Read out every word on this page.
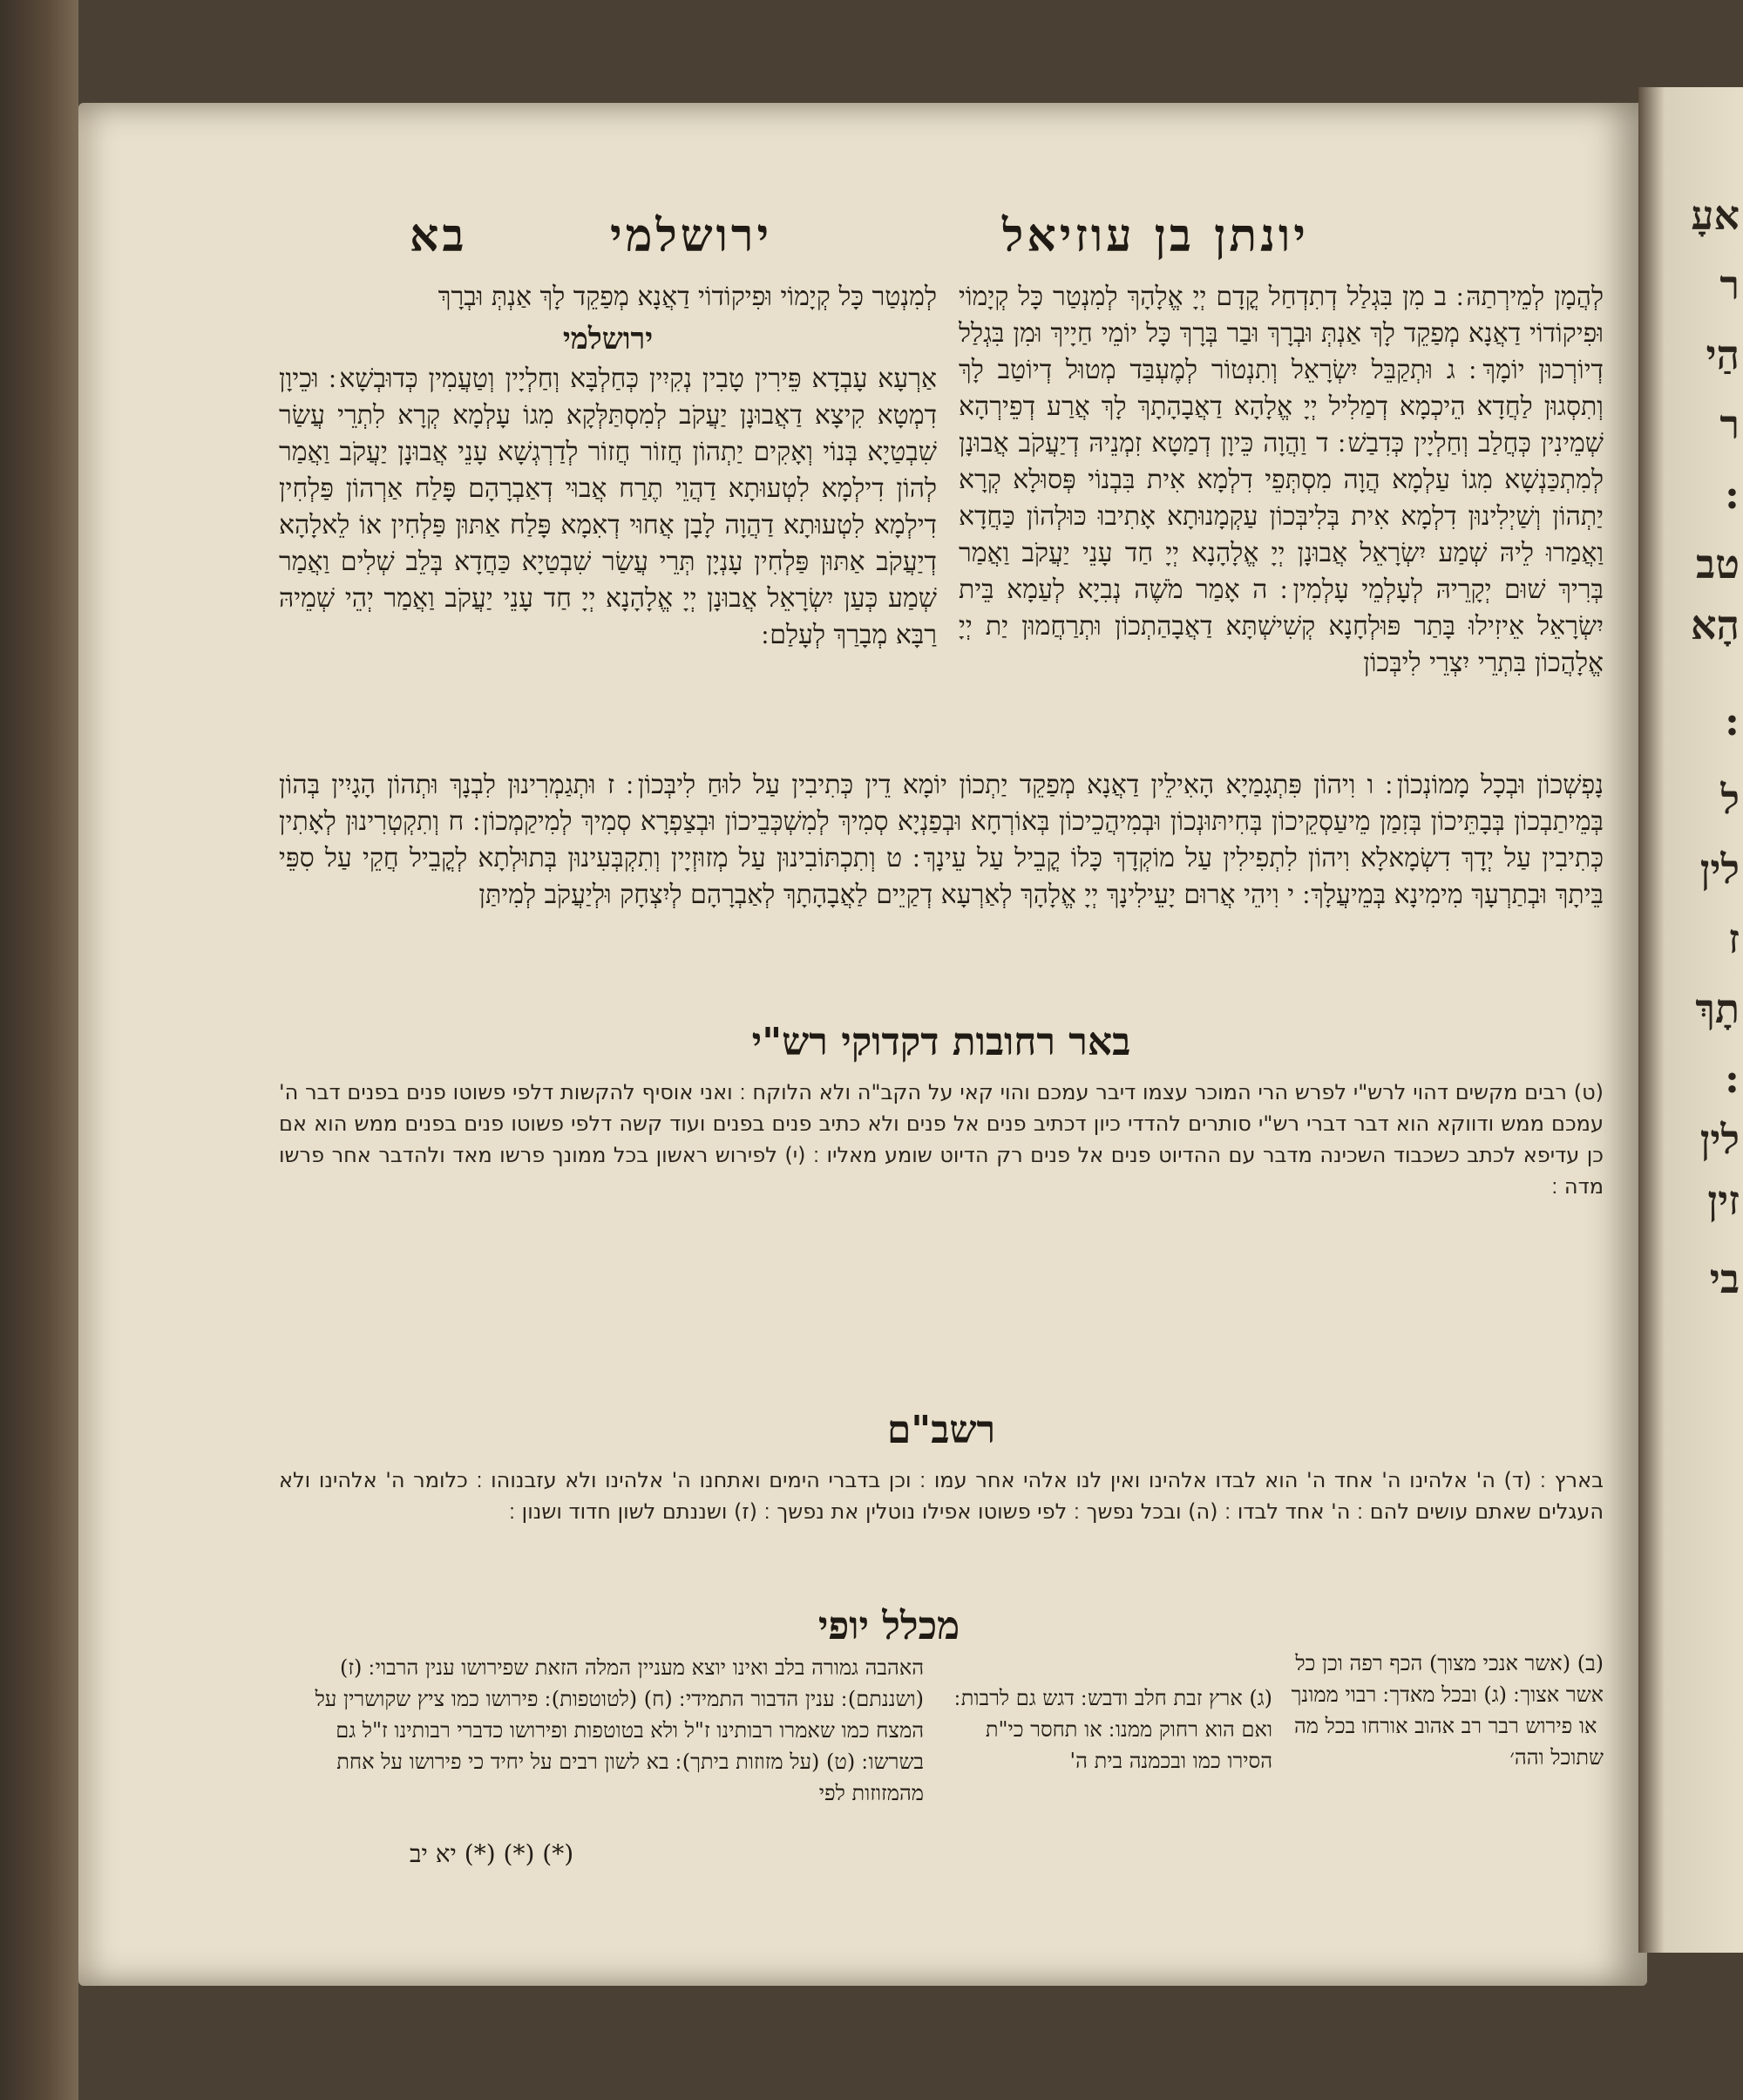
אעָ
ר
הַי
ר
:
טב
הָא
:
ל
לין
ז
תָךְ
:
לין
זין
בי
יונתן בן עוזיאל
ירושלמי
בא

לְהֲמָן לְמֵירְתַהּ ׃ ב מִן בִּגְלַל דְתִדְחַל קֳדָם יְיָ אֱלָהָךְ לְמִנְטַר כָּל קְיָמוֹי וּפִיקוֹדוֹי דַאֲנָא מְפַקֵד לָךְ אַנְתְּ וּבְרָךְ וּבַר בְּרָךְ כָּל יוֹמֵי חַיָיךְ וּמִן בִּגְלַל דְיוֹרְכוּן יוֹמָךְ ׃ ג וּתְקַבֵּל יִשְׂרָאֵל וְתִנְטוֹר לְמֶעְבַּד מְטוּל דְיוֹטַב לָךְ וְתִסְגוּן לַחֲדָא הֵיכְמָא דְמַלִיל יְיָ אֱלָהָא דַאֲבָהָתָךְ לָךְ אֲרַע דְפֵירְהָא שְׁמֵינִין כְּחֲלַב וְחַלְיָין כְּדִבַשׁ ׃ ד וַהֲוָה כֵּיוָן דְמַטָא זִמְנֵיהּ דְיַעֲקֹב אֲבוּנָן לְמִתְכַּנְשָׁא מִגוֹ עַלְמָא הֲוָה מִסְתְּפֵי דִלְמָא אִית בִּבְנוֹי פְּסוּלָא קְרָא יַתְהוֹן וְשַׁיְלִינוּן דִלְמָא אִית בְּלִיבְּכוֹן עַקְמָנוּתָא אָתִיבוּ כּוּלְהוֹן כַּחֲדָא וַאֲמַרוּ לֵיהּ שְׁמַע יִשְׂרָאֵל אֲבוּנָן יְיָ אֱלָהָנָא יְיָ חַד עָנֵי יַעֲקֹב וַאֲמַר בְּרִיךְ שׁוּם יְקָרֵיהּ לְעָלְמֵי עָלְמִין ׃ ה אָמַר מֹשֶׁה נְבִיָא לְעַמָא בֵּית יִשְׂרָאֵל אֵיזִילוּ בָּתַר פּוּלְחָנָא קְשִׁישְׁתָּא דַאֲבָהַתְכוֹן וּתְרַחֲמוּן יַת יְיָ אֱלָהֲכוֹן בִּתְרֵי יִצְרֵי לִיבְּכוֹן

לְמִנְטַר כָּל קְיָמוֹי וּפִיקוֹדוֹי דַאֲנָא מְפַקֵד לָךְ אַנְתְּ וּבְרָךְ

ירושלמי

אַרְעָא עָבְדָא פֵּירִין טָבִין נְקִיִין כְּחַלְבָּא וְחַלְיָין וְטַעֲמִין כְּדוּבְשָׁא ׃ וּכֵיוָן דִמְטָא קִיצָא דַאֲבוּנָן יַעֲקֹב לְמִסְתַּלְּקָא מִגוֹ עָלְמָא קְרָא לִתְרֵי עֲשַׂר שִׁבְטַיָא בְּנוֹי וְאָקִים יַתְהוֹן חֲזוֹר חֲזוֹר לְדַרְגְשָׁא עָנֵי אֲבוּנָן יַעֲקֹב וַאֲמַר לְהוֹן דִילְמָא לִטְעוּתָא דַהֲוֵי תֶרַח אֲבוּי דְאַבְרָהָם פָּלַח אַרְהוֹן פַּלְחִין דִילְמָא לִטְעוּתָא דַהֲוָה לָבָן אֲחוּי דְאִמָא פָּלַח אַתּוּן פַּלְחִין אוֹ לֵאלָהָא דְיַעֲקֹב אַתּוּן פַּלְחִין עָנְיָן תְּרֵי עֲשַׂר שִׁבְטַיָא כַּחֲדָא בְּלֵב שְׁלִים וַאֲמַר שְׁמַע כְּעַן יִשְׂרָאֵל אֲבוּנָן יְיָ אֱלָהָנָא יְיָ חַד עָנֵי יַעֲקֹב וַאֲמַר יְהֵי שְׁמֵיהּ רַבָּא מְבָרַךְ לְעָלַם ׃

נָפְשְׁכוֹן וּבְכָל מָמוֹנְכוֹן ׃ ו וִיהוֹן פִּתְגָמַיָא הָאִילֵין דַאֲנָא מְפַקֵד יַתְכוֹן יוֹמָא דֵין כְּתִיבִין עַל לוּחַ לִיבְּכוֹן ׃ ז וּתְגַמְרִינוּן לִבְנָךְ וּתְהוֹן הָגָיִין בְּהוֹן בְּמֵיתַבְכוֹן בְּבָתֵּיכוֹן בְּזִמַן מֵיעַסְקֵיכוֹן בְּחִיתּוּנְכוֹן וּבְמִיהֲכֵיכוֹן בְּאוֹרְחָא וּבְפַנְיָא סְמִיךְ לְמִשְׁכְּבֵיכוֹן וּבְצַפְרָא סְמִיךְ לְמִיקַמְכוֹן ׃ ח וְתִקְטְרִינוּן לְאָתִין כְּתִיבִין עַל יְדָךְ דִשְׂמָאלָא וִיהוֹן לִתְפִילִין עַל מוֹקְדָךְ כָּלוֹ קֳבֵיל עַל עֵינָךְ ׃ ט וְתִכְתּוֹבִינוּן עַל מְזוּזְיָין וְתִקְבְּעִינוּן בְּתוּלְתָא לְקֳבֵיל חֲקֵי עַל סִפֵּי בֵּיתָךְ וּבְתַרְעָךְ מִימִינָא בְּמֵיעֲלָךְ ׃ י וִיהֵי אֲרוּם יָעֵילִינָךְ יְיָ אֱלָהָךְ לְאַרְעָא דְקַיֵים לַאֲבָהָתָךְ לְאַבְרָהָם לְיִצְחָק וּלְיַעֲקֹב לְמִיתַּן

באר רחובות דקדוקי רש"י

(ט) רבים מקשים דהוי לרש"י לפרש הרי המוכר עצמו דיבר עמכם והוי קאי על הקב"ה ולא הלוקח ׃ ואני אוסיף להקשות דלפי פשוטו פנים בפנים דבר ה' עמכם ממש ודווקא הוא דבר דברי רש"י סותרים להדדי כיון דכתיב פנים אל פנים ולא כתיב פנים בפנים ועוד קשה דלפי פשוטו פנים בפנים ממש הוא אם כן עדיפא לכתב כשכבוד השכינה מדבר עם ההדיוט פנים אל פנים רק הדיוט שומע מאליו ׃ (י) לפירוש ראשון בכל ממונך פרשו מאד ולהדבר אחר פרשו מדה ׃

רשב"ם

בארץ ׃ (ד) ה' אלהינו ה' אחד ה' הוא לבדו אלהינו ואין לנו אלהי אחר עמו ׃ וכן בדברי הימים ואתחנו ה' אלהינו ולא עזבנוהו ׃ כלומר ה' אלהינו ולא העגלים שאתם עושים להם ׃ ה' אחד לבדו ׃ (ה) ובכל נפשך ׃ לפי פשוטו אפילו נוטלין את נפשך ׃ (ז) ושננתם לשון חדוד ושנון ׃

מכלל יופי

(ב) (אשר אנכי מצוך) הכף רפה וכן כל אשר אצוך ׃ (ג) ובכל מאדך ׃ רבוי ממונך ׃ או פירוש רבר רב אהוב אורחו בכל מה שתוכל והה׳

(ג) ארץ זבת חלב ודבש ׃ דגש גם לרבות ׃ ואם הוא רחוק ממנו ׃ או תחסר כי"ת הסירו כמו ובכמנה בית ה'

האהבה גמורה בלב ואינו יוצא מעניין המלה הזאת שפירושו ענין הרבוי ׃ (ז) (ושננתם) ׃ ענין הדבור התמידי ׃ (ח) (לטוטפות) ׃ פירושו כמו ציץ שקושרין על המצח כמו שאמרו רבותינו ז"ל ולא בטוטפות ופירושו כדברי רבותינו ז"ל גם בשרשו ׃ (ט) (על מזוזות ביתך) ׃ בא לשון רבים על יחיד כי פירושו על אחת מהמזוזות לפי

(*) (*) (*) יא יב
